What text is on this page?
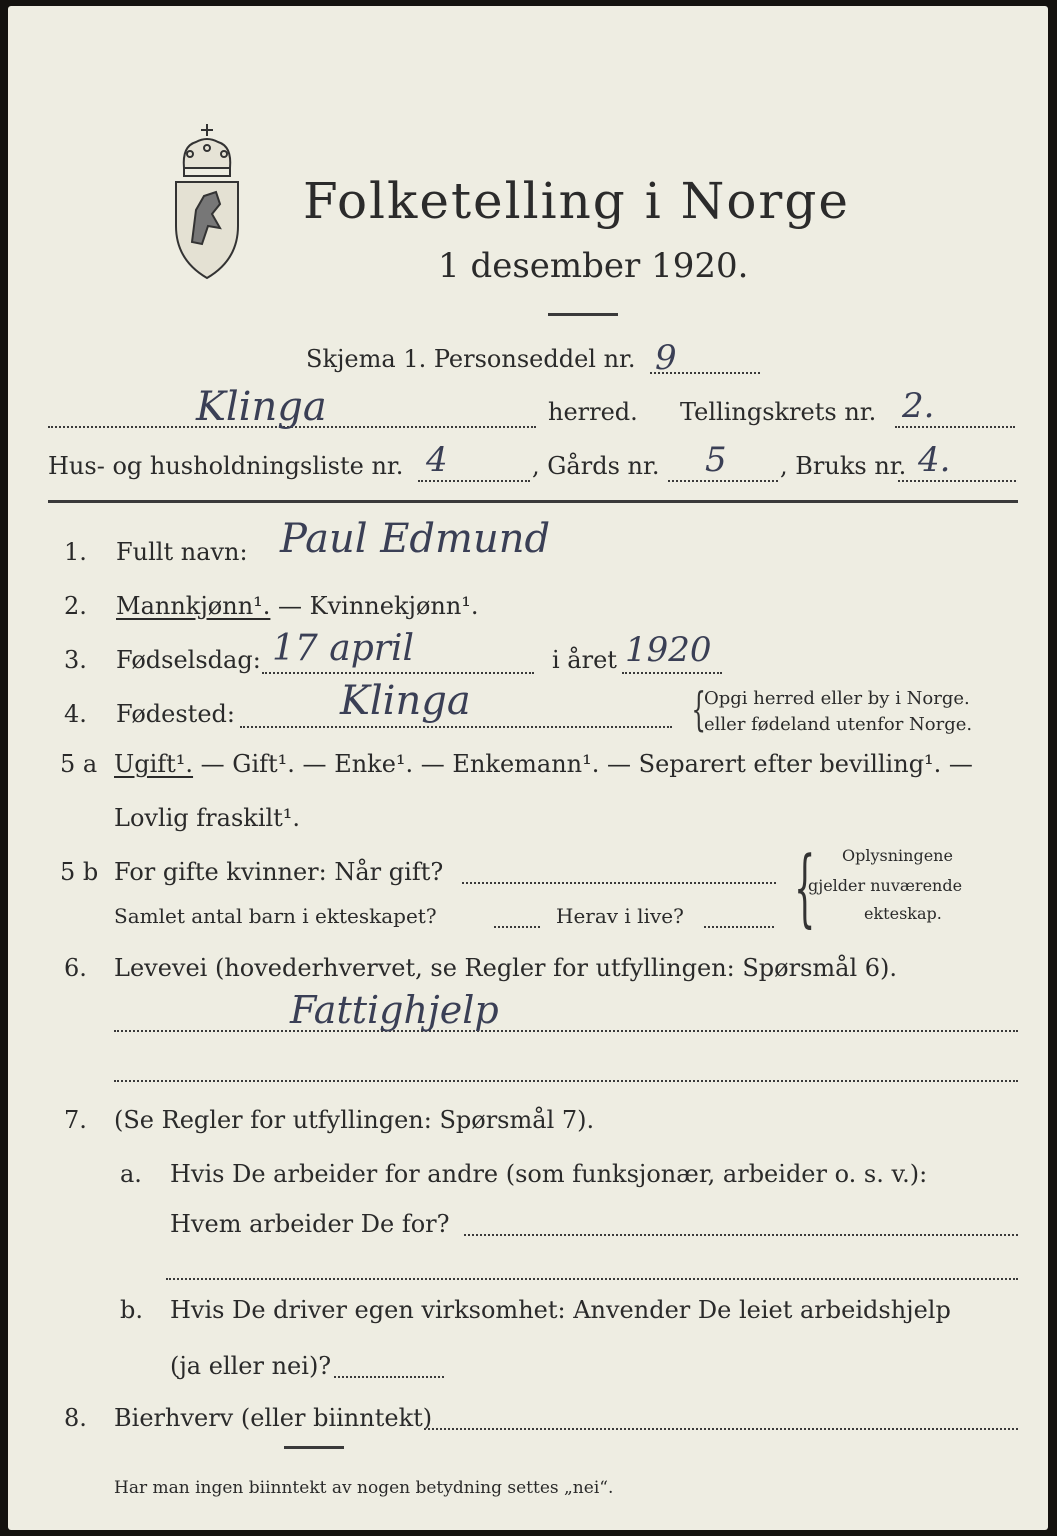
Folketelling i Norge
1 desember 1920.
Skjema 1. Personseddel nr. 9
Klinga	herred. Tellingskrets nr. 2.
Hus- og husholdningsliste nr. 4	, Gårds nr. 5 , Bruks nr. 4.
1. Fullt navn: Paul Edmund
2. Mannkjønn¹. — Kvinnekjønn¹.
3. Fødselsdag: 17 april	i året 1920
4. Fødested:	Klinga	{
Opgi herred eller by i Norge.
eller fødeland utenfor Norge.
5 a Ugift¹. — Gift¹. — Enke¹. — Enkemann¹. — Separert efter bevilling¹. —
Lovlig fraskilt¹.
5 b For gifte kvinner: Når gift?
Samlet antal barn i ekteskapet?	Herav i live? { Oplysningene
gjelder nuværende
ekteskap.
6. Levevei (hovederhvervet, se Regler for utfyllingen: Spørsmål 6).
Fattighjelp
7. (Se Regler for utfyllingen: Spørsmål 7).
a. Hvis De arbeider for andre (som funksjonær, arbeider o. s. v.):
Hvem arbeider De for?
b. Hvis De driver egen virksomhet: Anvender De leiet arbeidshjelp
(ja eller nei)?
8. Bierhverv (eller biinntekt)
Har man ingen biinntekt av nogen betydning settes „nei“.
